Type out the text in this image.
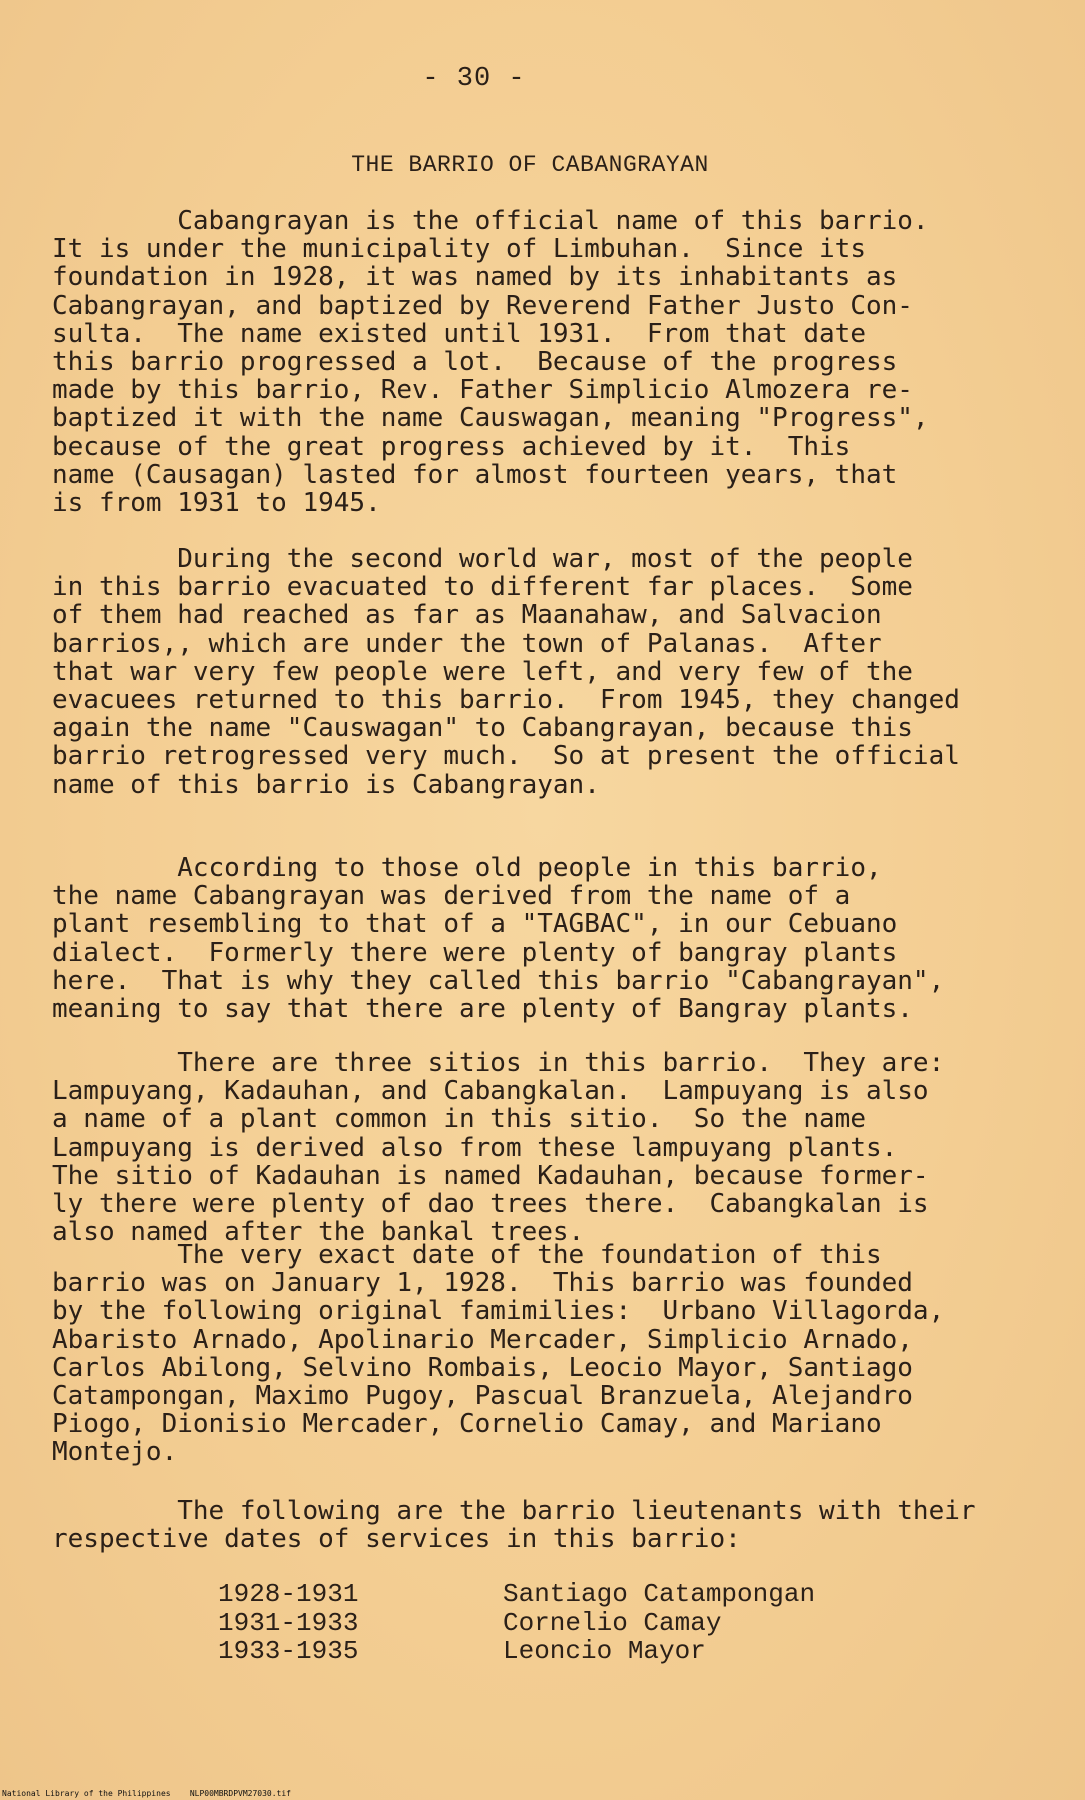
- 30 -
THE BARRIO OF CABANGRAYAN
Cabangrayan is the official name of this barrio.
It is under the municipality of Limbuhan.  Since its
foundation in 1928, it was named by its inhabitants as
Cabangrayan, and baptized by Reverend Father Justo Con-
sulta.  The name existed until 1931.  From that date
this barrio progressed a lot.  Because of the progress
made by this barrio, Rev. Father Simplicio Almozera re-
baptized it with the name Causwagan, meaning "Progress",
because of the great progress achieved by it.  This
name (Causagan) lasted for almost fourteen years, that
is from 1931 to 1945.
During the second world war, most of the people
in this barrio evacuated to different far places.  Some
of them had reached as far as Maanahaw, and Salvacion
barrios,, which are under the town of Palanas.  After
that war very few people were left, and very few of the
evacuees returned to this barrio.  From 1945, they changed
again the name "Causwagan" to Cabangrayan, because this
barrio retrogressed very much.  So at present the official
name of this barrio is Cabangrayan.
According to those old people in this barrio,
the name Cabangrayan was derived from the name of a
plant resembling to that of a "TAGBAC", in our Cebuano
dialect.  Formerly there were plenty of bangray plants
here.  That is why they called this barrio "Cabangrayan",
meaning to say that there are plenty of Bangray plants.
There are three sitios in this barrio.  They are:
Lampuyang, Kadauhan, and Cabangkalan.  Lampuyang is also
a name of a plant common in this sitio.  So the name
Lampuyang is derived also from these lampuyang plants.
The sitio of Kadauhan is named Kadauhan, because former-
ly there were plenty of dao trees there.  Cabangkalan is
also named after the bankal trees.
The very exact date of the foundation of this
barrio was on January 1, 1928.  This barrio was founded
by the following original famimilies:  Urbano Villagorda,
Abaristo Arnado, Apolinario Mercader, Simplicio Arnado,
Carlos Abilong, Selvino Rombais, Leocio Mayor, Santiago
Catampongan, Maximo Pugoy, Pascual Branzuela, Alejandro
Piogo, Dionisio Mercader, Cornelio Camay, and Mariano
Montejo.
The following are the barrio lieutenants with their
respective dates of services in this barrio:
1928-1931	Santiago Catampongan
1931-1933	Cornelio Camay
1933-1935	Leoncio Mayor
National Library of the Philippines    NLP00MBRDPVM27030.tif
